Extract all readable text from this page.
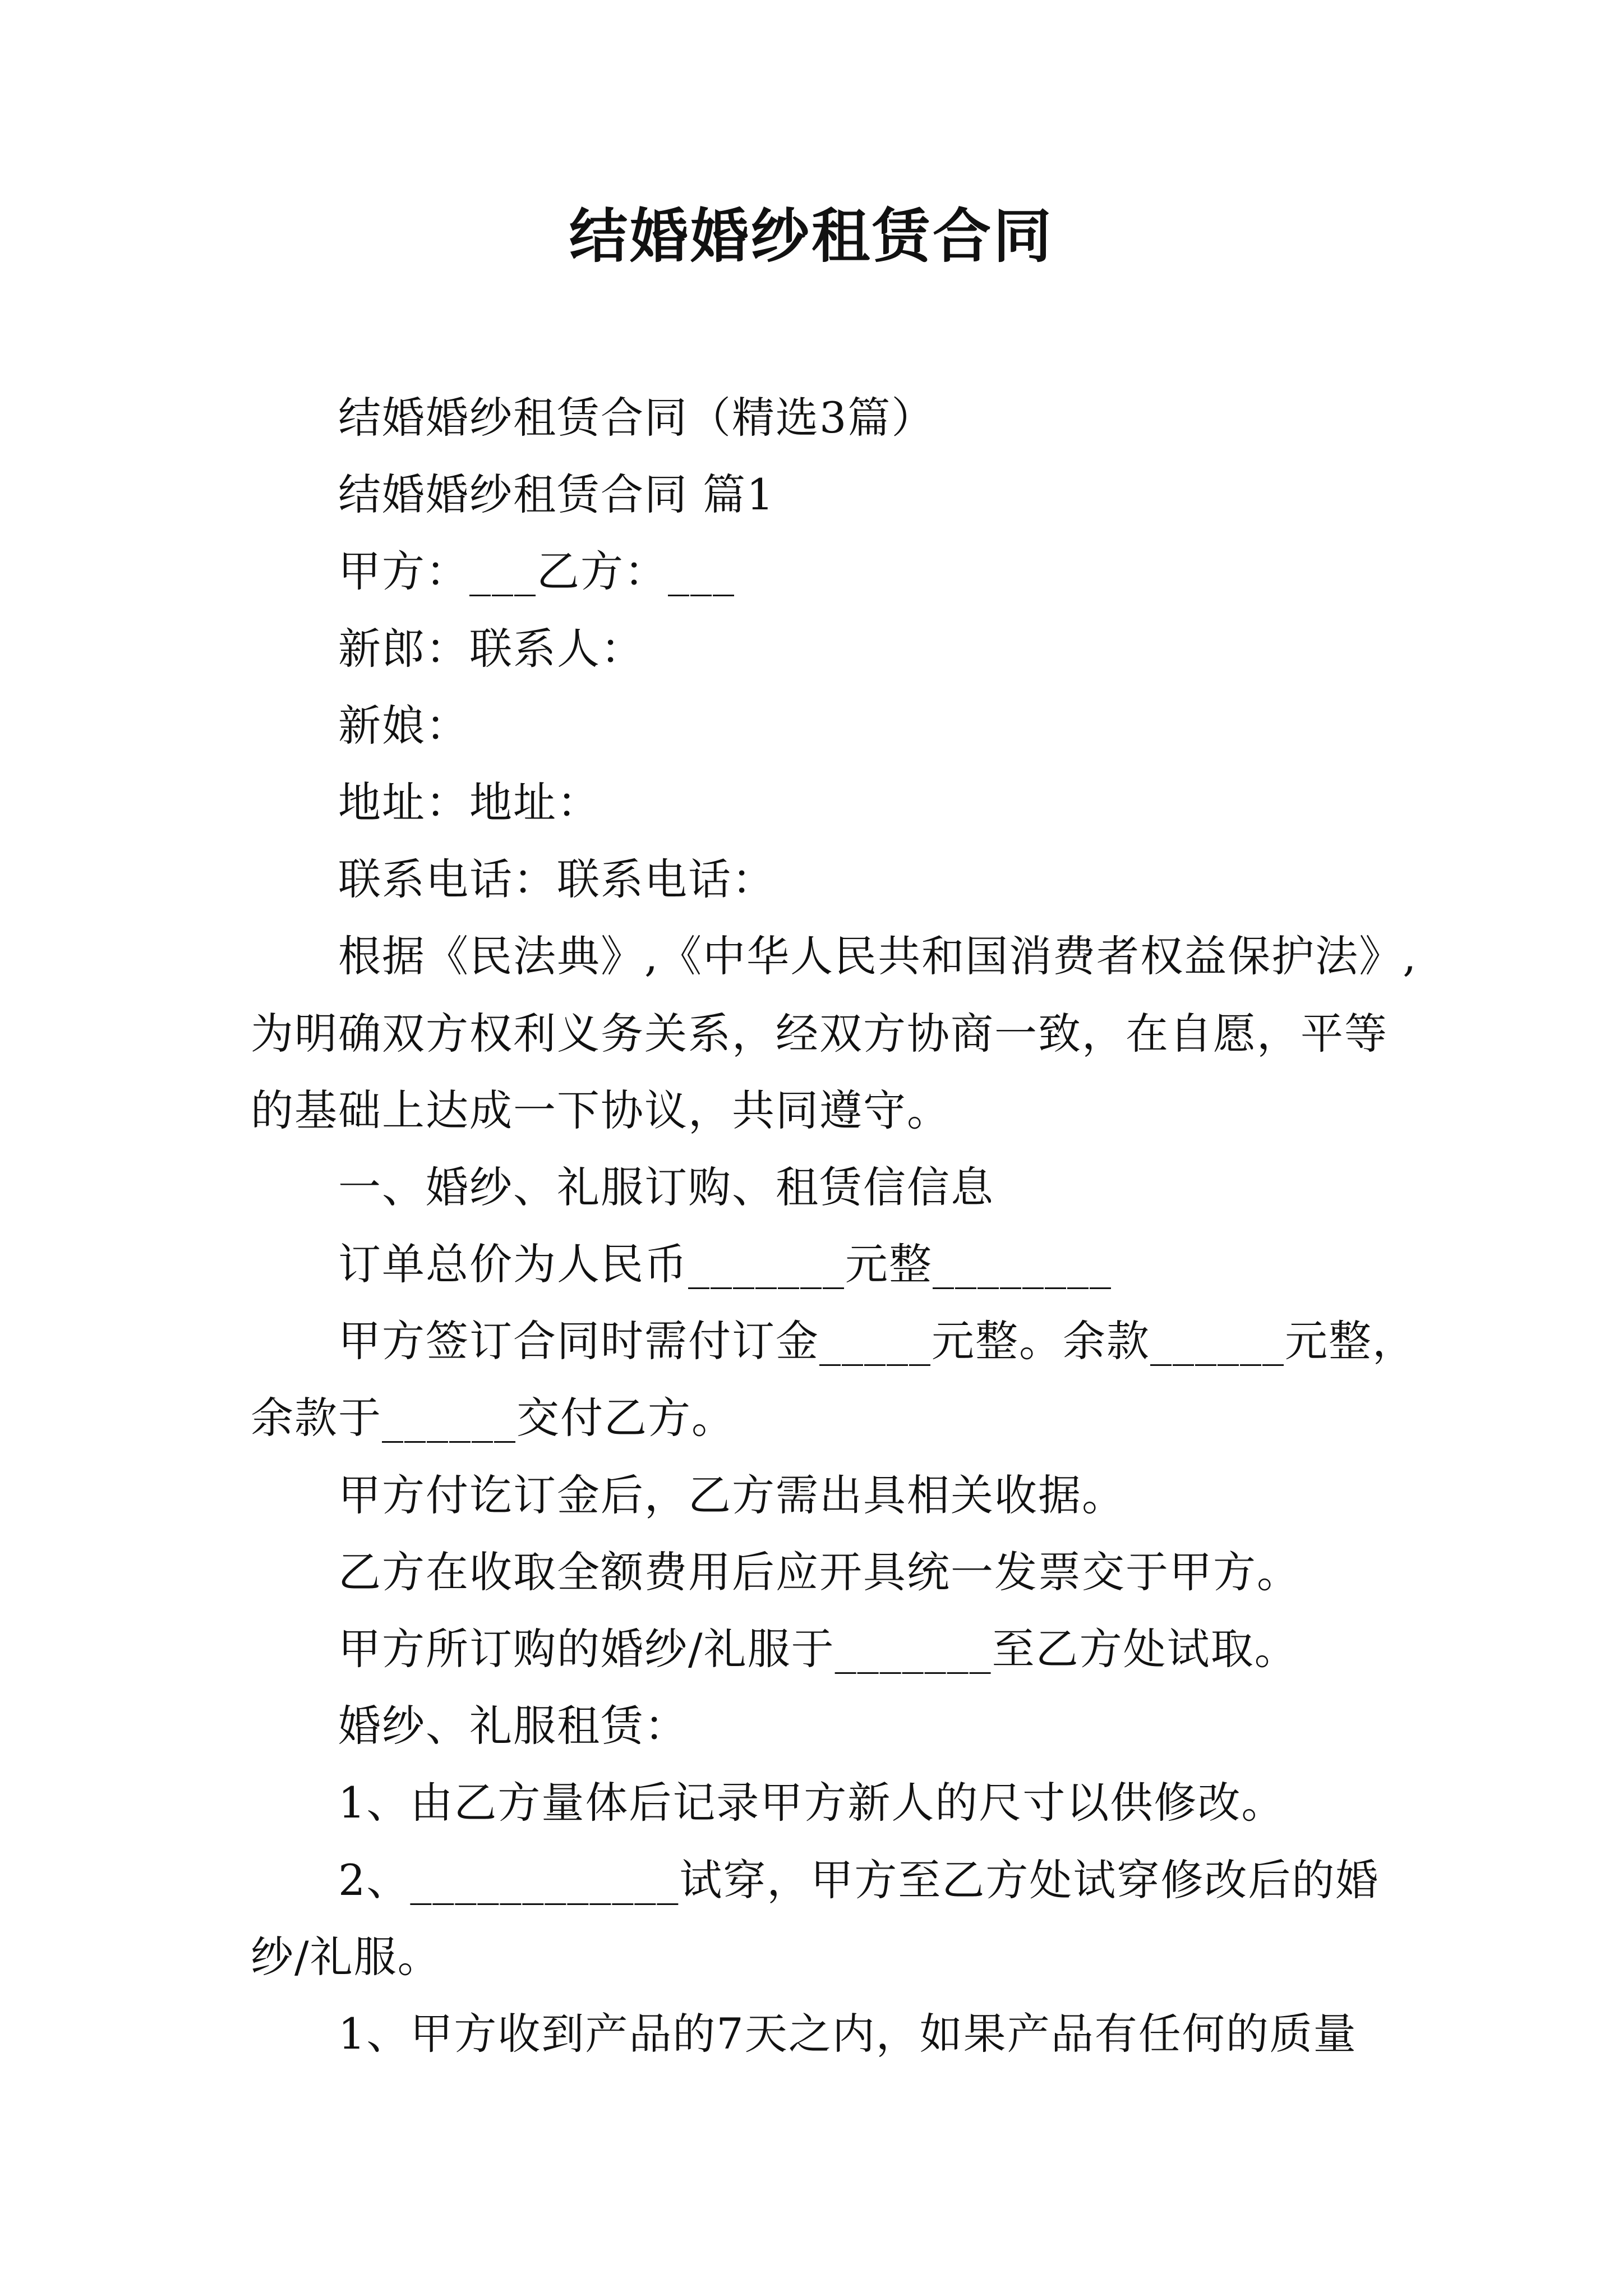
结婚婚纱租赁合同
结婚婚纱租赁合同（精选3篇）
结婚婚纱租赁合同 篇1
甲方：___乙方：___
新郎：联系人：
新娘：
地址：地址：
联系电话：联系电话：
根据《民法典》,《中华人民共和国消费者权益保护法》,
为明确双方权利义务关系，经双方协商一致，在自愿，平等
的基础上达成一下协议，共同遵守。
一、婚纱、礼服订购、租赁信信息
订单总价为人民币_______元整________
甲方签订合同时需付订金_____元整。余款______元整，
余款于______交付乙方。
甲方付讫订金后，乙方需出具相关收据。
乙方在收取全额费用后应开具统一发票交于甲方。
甲方所订购的婚纱/礼服于_______至乙方处试取。
婚纱、礼服租赁：
1、由乙方量体后记录甲方新人的尺寸以供修改。
2、____________试穿，甲方至乙方处试穿修改后的婚
纱/礼服。
1、甲方收到产品的7天之内，如果产品有任何的质量
